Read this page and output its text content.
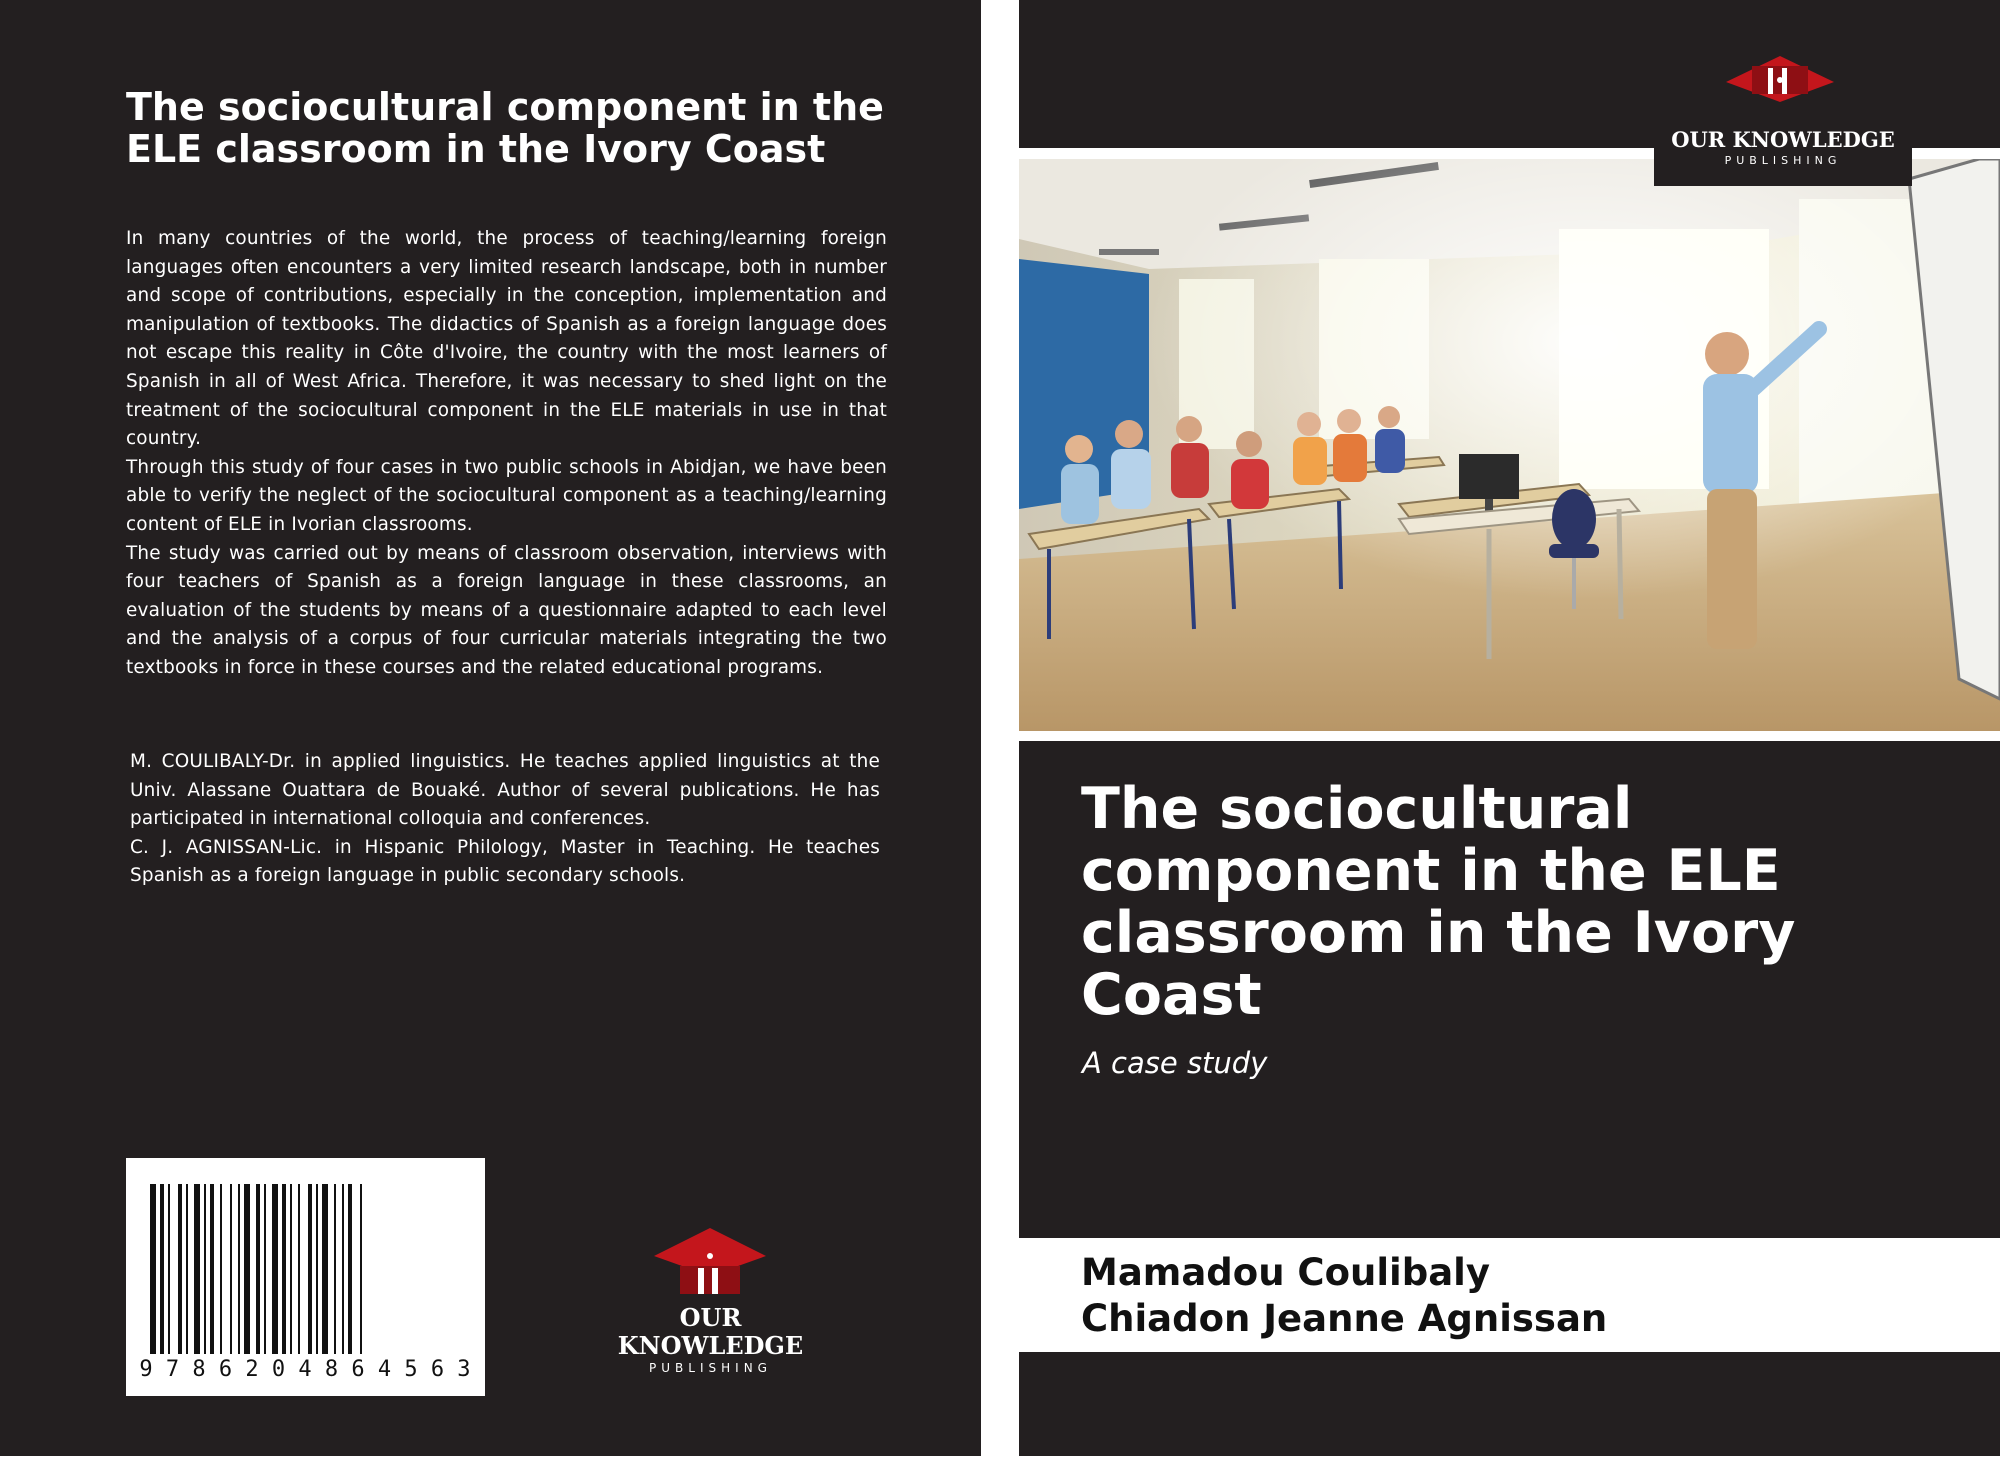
The sociocultural component in the ELE classroom in the Ivory Coast

In many countries of the world, the process of teaching/learning foreign languages often encounters a very limited research landscape, both in number and scope of contributions, especially in the conception, implementation and manipulation of textbooks. The didactics of Spanish as a foreign language does not escape this reality in Côte d'Ivoire, the country with the most learners of Spanish in all of West Africa. Therefore, it was necessary to shed light on the treatment of the sociocultural component in the ELE materials in use in that country.

Through this study of four cases in two public schools in Abidjan, we have been able to verify the neglect of the sociocultural component as a teaching/learning content of ELE in Ivorian classrooms.

The study was carried out by means of classroom observation, interviews with four teachers of Spanish as a foreign language in these classrooms, an evaluation of the students by means of a questionnaire adapted to each level and the analysis of a corpus of four curricular materials integrating the two textbooks in force in these courses and the related educational programs.

M. COULIBALY-Dr. in applied linguistics. He teaches applied linguistics at the Univ. Alassane Ouattara de Bouaké. Author of several publications. He has participated in international colloquia and conferences.

C. J. AGNISSAN-Lic. in Hispanic Philology, Master in Teaching. He teaches Spanish as a foreign language in public secondary schools.

9 7 8 6 2 0 4 8 6 4 5 6 3
OUR KNOWLEDGE
PUBLISHING
OUR KNOWLEDGE
PUBLISHING
The sociocultural component in the ELE classroom in the Ivory Coast
A case study

Mamadou Coulibaly

Chiadon Jeanne Agnissan
